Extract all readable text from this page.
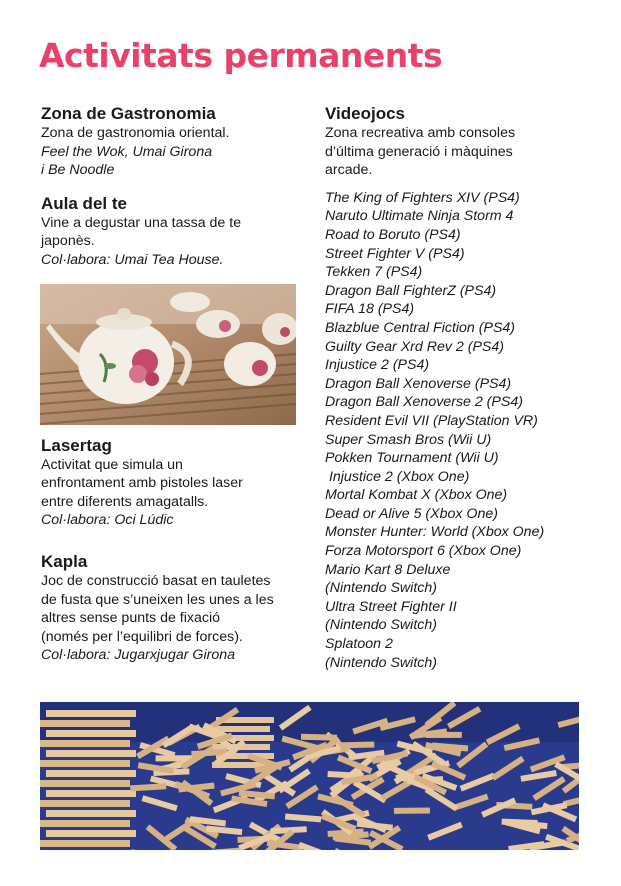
Activitats permanents
Zona de Gastronomia
Zona de gastronomia oriental.
Feel the Wok, Umai Girona
i Be Noodle
Aula del te
Vine a degustar una tassa de te
japonès.
Col·labora: Umai Tea House.
Lasertag
Activitat que simula un
enfrontament amb pistoles laser
entre diferents amagatalls.
Col·labora: Oci Lúdic
Kapla
Joc de construcció basat en tauletes
de fusta que s’uneixen les unes a les
altres sense punts de fixació
(només per l’equilibri de forces).
Col·labora: Jugarxjugar Girona
Videojocs
Zona recreativa amb consoles
d’última generació i màquines
arcade.
The King of Fighters XIV (PS4)
Naruto Ultimate Ninja Storm 4
Road to Boruto (PS4)
Street Fighter V (PS4)
Tekken 7 (PS4)
Dragon Ball FighterZ (PS4)
FIFA 18 (PS4)
Blazblue Central Fiction (PS4)
Guilty Gear Xrd Rev 2 (PS4)
Injustice 2 (PS4)
Dragon Ball Xenoverse (PS4)
Dragon Ball Xenoverse 2 (PS4)
Resident Evil VII (PlayStation VR)
Super Smash Bros (Wii U)
Pokken Tournament (Wii U)
Injustice 2 (Xbox One)
Mortal Kombat X (Xbox One)
Dead or Alive 5 (Xbox One)
Monster Hunter: World (Xbox One)
Forza Motorsport 6 (Xbox One)
Mario Kart 8 Deluxe
(Nintendo Switch)
Ultra Street Fighter II
(Nintendo Switch)
Splatoon 2
(Nintendo Switch)
